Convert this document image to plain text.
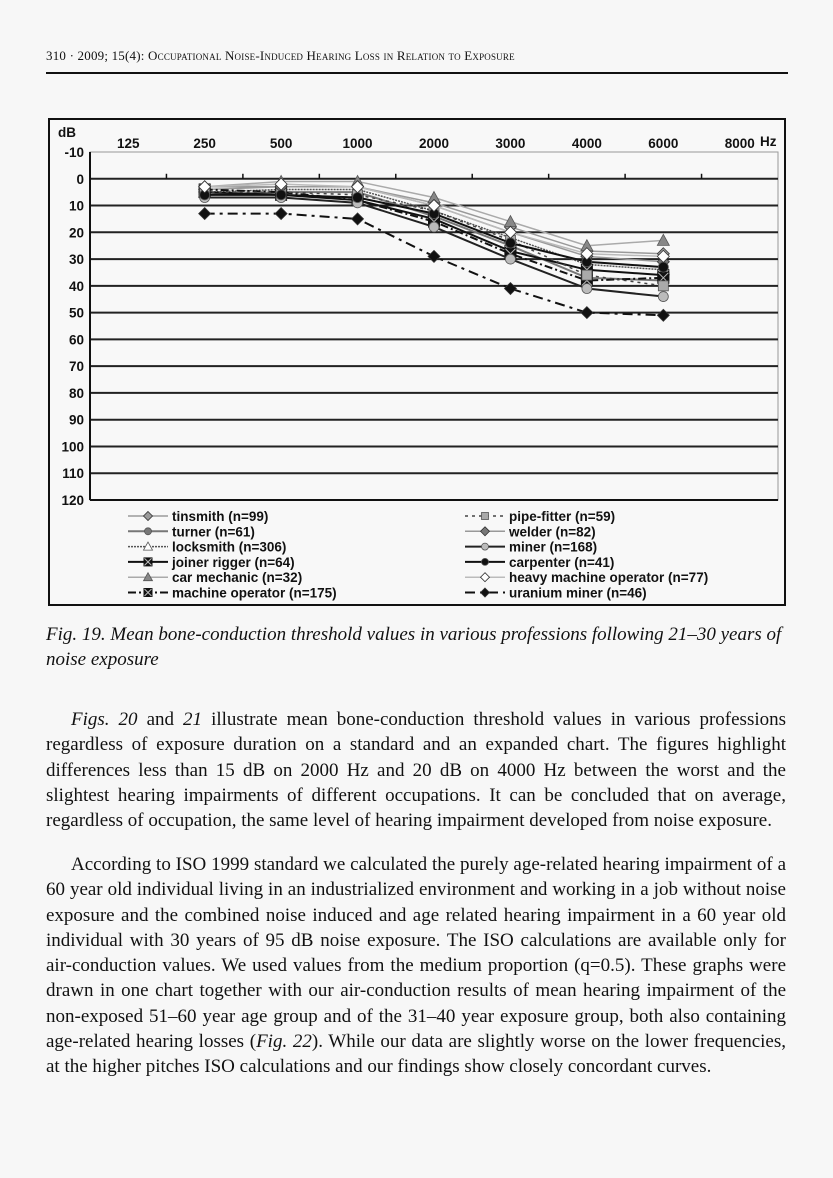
310 · 2009; 15(4): Occupational Noise-Induced Hearing Loss in Relation to Exposure
-10
0
10
20
30
40
50
60
70
80
90
100
110
120
dB
125	250	500	1000	2000	3000	4000	6000	8000 Hz
tinsmith (n=99)
turner (n=61)
locksmith (n=306)
joiner rigger (n=64)
car mechanic (n=32)
machine operator (n=175)
pipe-fitter (n=59)
welder (n=82)
miner (n=168)
carpenter (n=41)
heavy machine operator (n=77)
uranium miner (n=46)
Fig. 19. Mean bone-conduction threshold values in various professions following 21–30 years of noise exposure
Figs. 20 and 21 illustrate mean bone-conduction threshold values in various professions regardless of exposure duration on a standard and an expanded chart. The figures highlight differences less than 15 dB on 2000 Hz and 20 dB on 4000 Hz between the worst and the slightest hearing impairments of different occupations. It can be concluded that on average, regardless of occupation, the same level of hearing impairment developed from noise exposure.
According to ISO 1999 standard we calculated the purely age-related hearing impairment of a 60 year old individual living in an industrialized environment and working in a job without noise exposure and the combined noise induced and age related hearing impairment in a 60 year old individual with 30 years of 95 dB noise exposure. The ISO calculations are available only for air-conduction values. We used values from the medium proportion (q=0.5). These graphs were drawn in one chart together with our air-conduction results of mean hearing impairment of the non-exposed 51–60 year age group and of the 31–40 year exposure group, both also containing age-related hearing losses (Fig. 22). While our data are slightly worse on the lower frequencies, at the higher pitches ISO calculations and our findings show closely concordant curves.
